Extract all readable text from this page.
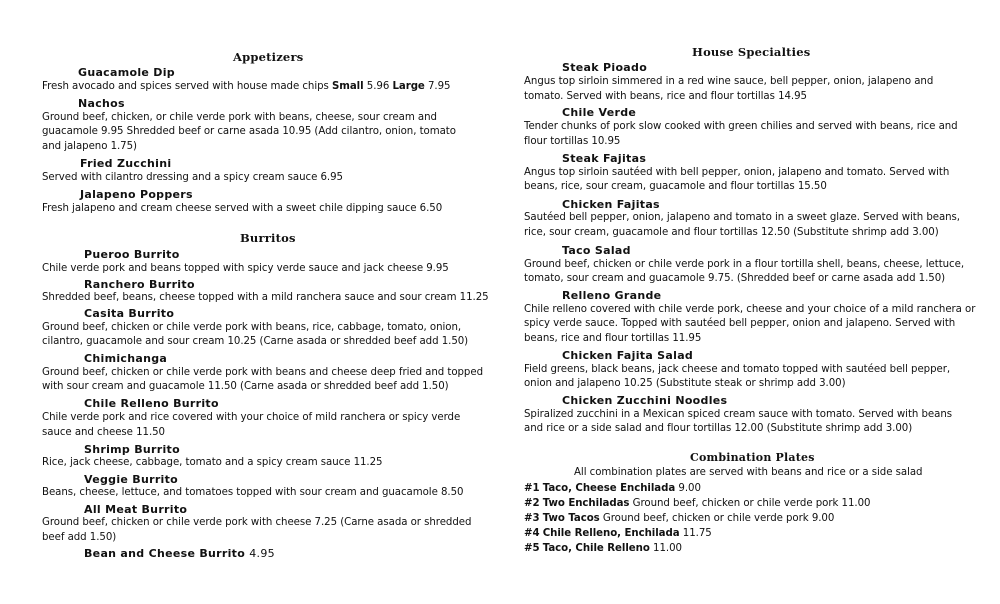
Appetizers
Guacamole Dip
Fresh avocado and spices served with house made chips Small 5.96 Large 7.95
Nachos
Ground beef, chicken, or chile verde pork with beans, cheese, sour cream and
guacamole 9.95 Shredded beef or carne asada 10.95 (Add cilantro, onion, tomato
and jalapeno 1.75)
Fried Zucchini
Served with cilantro dressing and a spicy cream sauce 6.95
Jalapeno Poppers
Fresh jalapeno and cream cheese served with a sweet chile dipping sauce 6.50
Burritos
Pueroo Burrito
Chile verde pork and beans topped with spicy verde sauce and jack cheese 9.95
Ranchero Burrito
Shredded beef, beans, cheese topped with a mild ranchera sauce and sour cream 11.25
Casita Burrito
Ground beef, chicken or chile verde pork with beans, rice, cabbage, tomato, onion,
cilantro, guacamole and sour cream 10.25 (Carne asada or shredded beef add 1.50)
Chimichanga
Ground beef, chicken or chile verde pork with beans and cheese deep fried and topped
with sour cream and guacamole 11.50 (Carne asada or shredded beef add 1.50)
Chile Relleno Burrito
Chile verde pork and rice covered with your choice of mild ranchera or spicy verde
sauce and cheese 11.50
Shrimp Burrito
Rice, jack cheese, cabbage, tomato and a spicy cream sauce 11.25
Veggie Burrito
Beans, cheese, lettuce, and tomatoes topped with sour cream and guacamole 8.50
All Meat Burrito
Ground beef, chicken or chile verde pork with cheese 7.25 (Carne asada or shredded
beef add 1.50)
Bean and Cheese Burrito 4.95
House Specialties
Steak Pioado
Angus top sirloin simmered in a red wine sauce, bell pepper, onion, jalapeno and
tomato. Served with beans, rice and flour tortillas 14.95
Chile Verde
Tender chunks of pork slow cooked with green chilies and served with beans, rice and
flour tortillas 10.95
Steak Fajitas
Angus top sirloin sautéed with bell pepper, onion, jalapeno and tomato. Served with
beans, rice, sour cream, guacamole and flour tortillas 15.50
Chicken Fajitas
Sautéed bell pepper, onion, jalapeno and tomato in a sweet glaze. Served with beans,
rice, sour cream, guacamole and flour tortillas 12.50 (Substitute shrimp add 3.00)
Taco Salad
Ground beef, chicken or chile verde pork in a flour tortilla shell, beans, cheese, lettuce,
tomato, sour cream and guacamole 9.75. (Shredded beef or carne asada add 1.50)
Relleno Grande
Chile relleno covered with chile verde pork, cheese and your choice of a mild ranchera or
spicy verde sauce. Topped with sautéed bell pepper, onion and jalapeno. Served with
beans, rice and flour tortillas 11.95
Chicken Fajita Salad
Field greens, black beans, jack cheese and tomato topped with sautéed bell pepper,
onion and jalapeno 10.25 (Substitute steak or shrimp add 3.00)
Chicken Zucchini Noodles
Spiralized zucchini in a Mexican spiced cream sauce with tomato. Served with beans
and rice or a side salad and flour tortillas 12.00 (Substitute shrimp add 3.00)
Combination Plates
All combination plates are served with beans and rice or a side salad
#1 Taco, Cheese Enchilada 9.00
#2 Two Enchiladas Ground beef, chicken or chile verde pork 11.00
#3 Two Tacos Ground beef, chicken or chile verde pork 9.00
#4 Chile Relleno, Enchilada 11.75
#5 Taco, Chile Relleno 11.00
